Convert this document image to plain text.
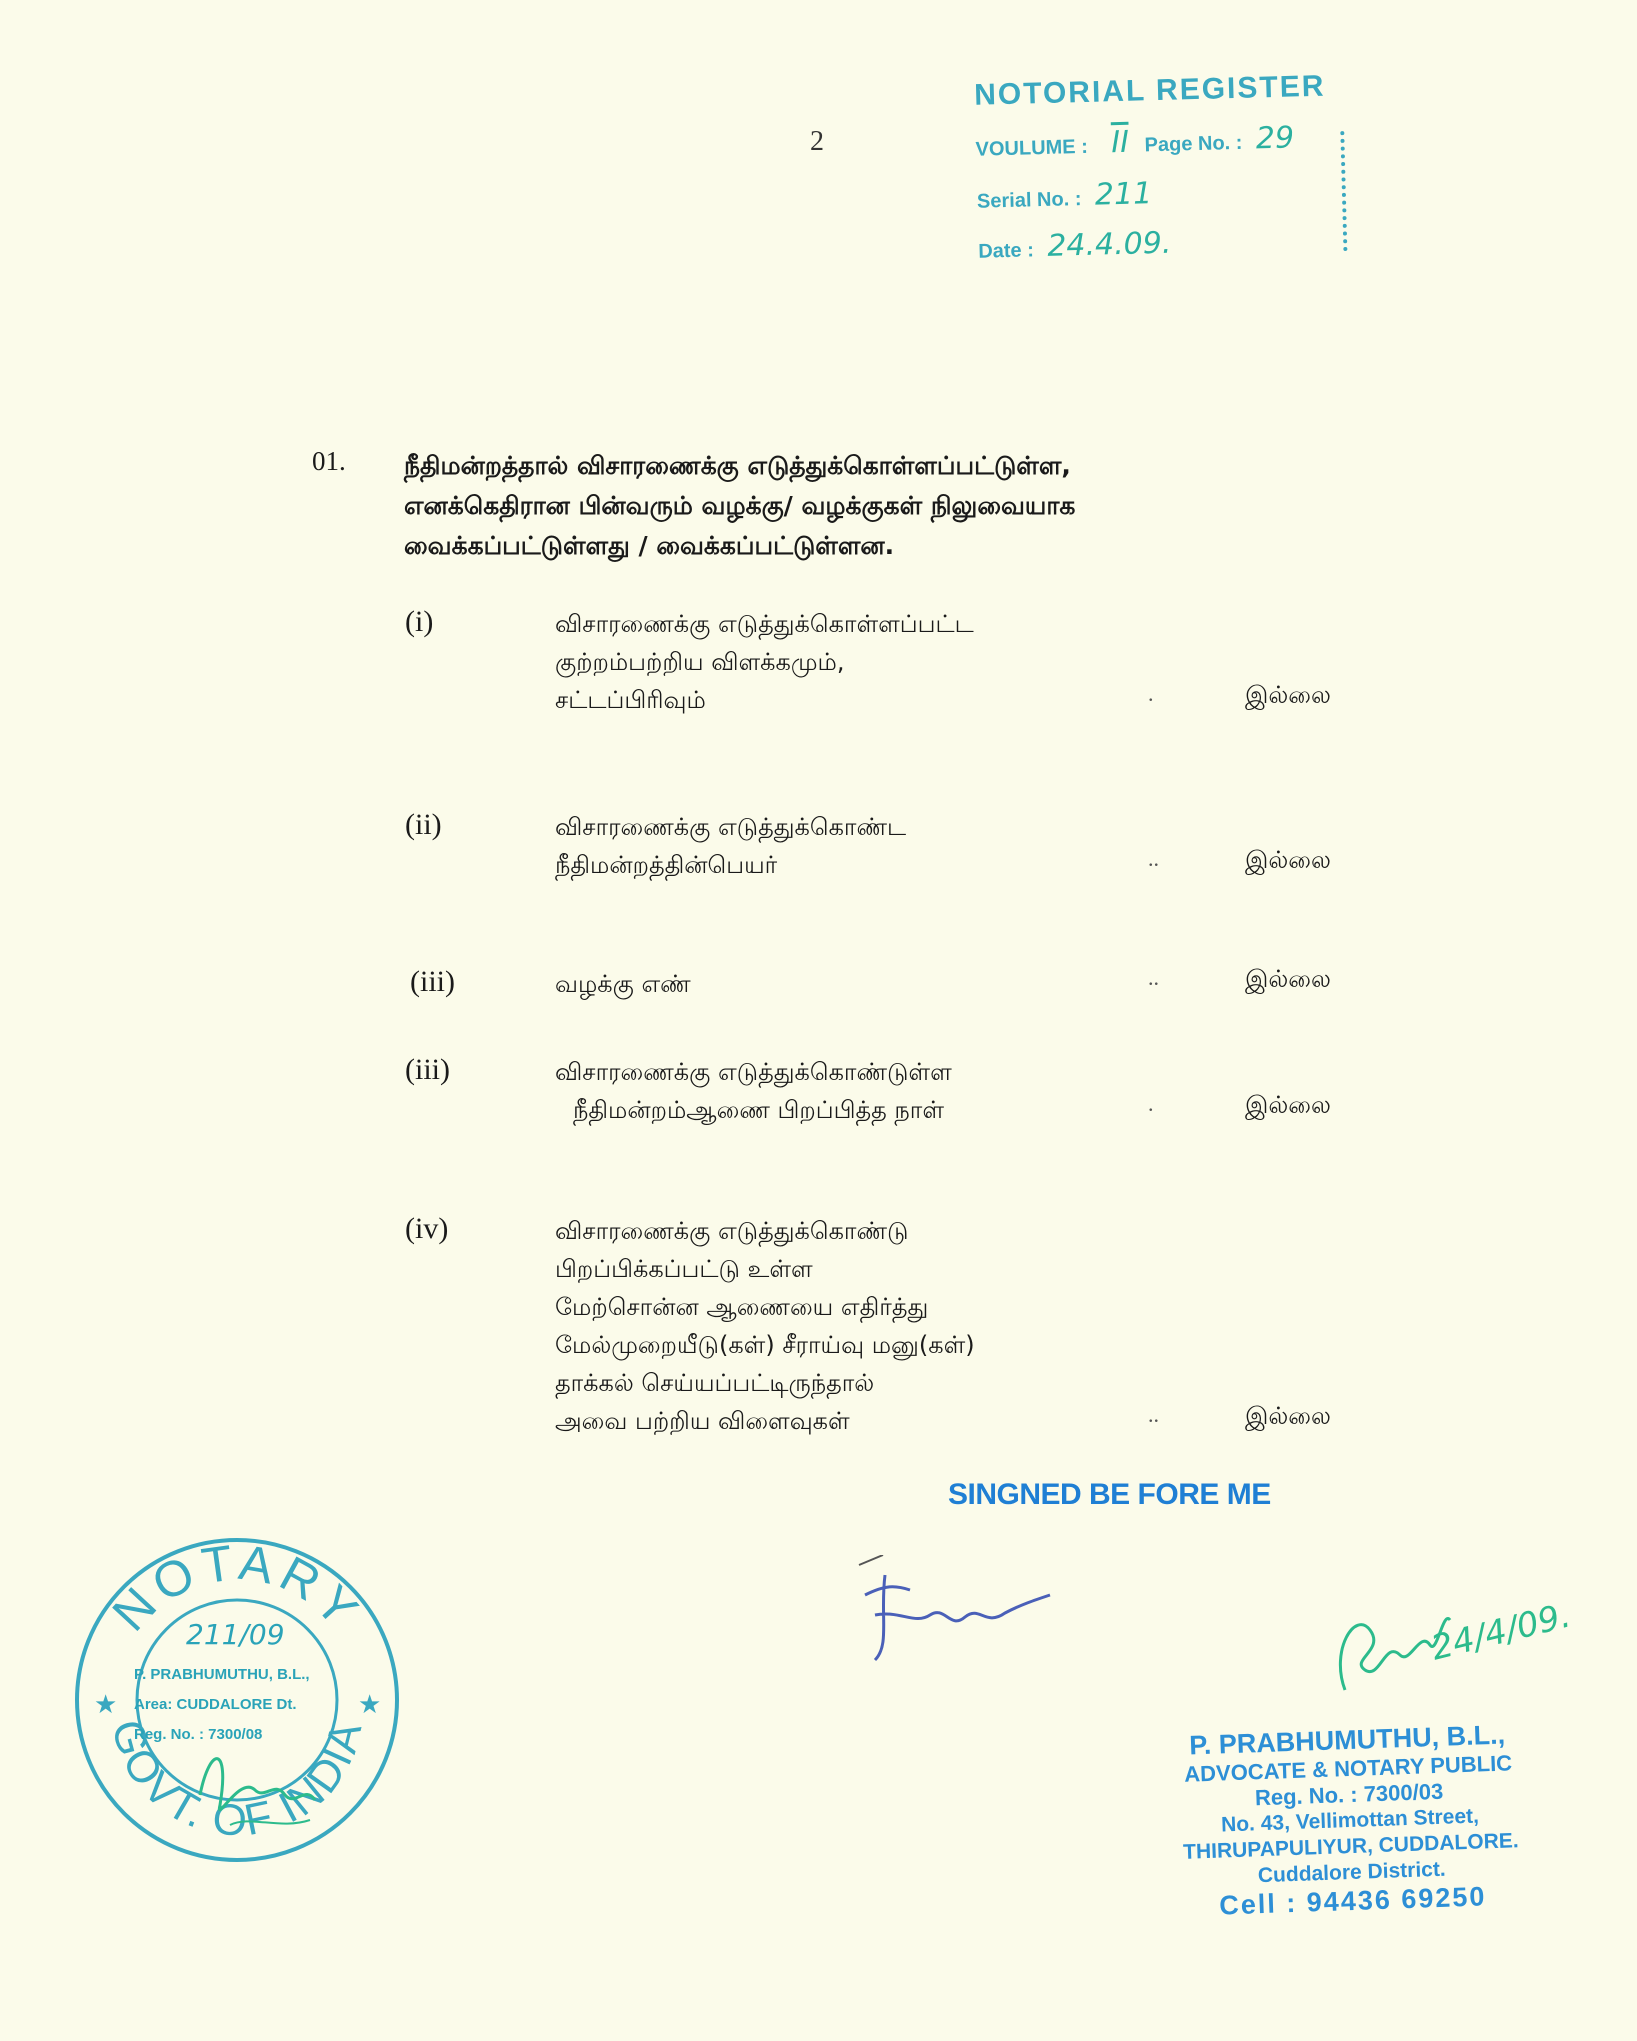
2
NOTORIAL REGISTER
VOULUME : $\overline{II}$ Page No. : 29
Serial No. : 211
Date : 24.4.09.
01. நீதிமன்றத்தால் விசாரணைக்கு எடுத்துக்கொள்ளப்பட்டுள்ள,
எனக்கெதிரான பின்வரும் வழக்கு/ வழக்குகள் நிலுவையாக
வைக்கப்பட்டுள்ளது / வைக்கப்பட்டுள்ளன.
(i)	விசாரணைக்கு எடுத்துக்கொள்ளப்பட்ட
குற்றம்பற்றிய விளக்கமும்,
சட்டப்பிரிவும்	.	இல்லை
(ii)	விசாரணைக்கு எடுத்துக்கொண்ட
நீதிமன்றத்தின்பெயர்	..	இல்லை
(iii)	வழக்கு எண்	..	இல்லை
(iii)	விசாரணைக்கு எடுத்துக்கொண்டுள்ள
நீதிமன்றம்ஆணை பிறப்பித்த நாள்	.	இல்லை
(iv)	விசாரணைக்கு எடுத்துக்கொண்டு
பிறப்பிக்கப்பட்டு உள்ள
மேற்சொன்ன ஆணையை எதிர்த்து
மேல்முறையீடு(கள்) சீராய்வு மனு(கள்)
தாக்கல் செய்யப்பட்டிருந்தால்
அவை பற்றிய விளைவுகள்	..	இல்லை
SINGNED BE FORE ME
NOTARY
GOVT. OF INDIA
★	★
211/09
P. PRABHUMUTHU, B.L.,
Area: CUDDALORE Dt.
Reg. No. : 7300/08
24/4/09.
P. PRABHUMUTHU, B.L.,
ADVOCATE & NOTARY PUBLIC
Reg. No. : 7300/03
No. 43, Vellimottan Street,
THIRUPAPULIYUR, CUDDALORE.
Cuddalore District.
Cell : 94436 69250
